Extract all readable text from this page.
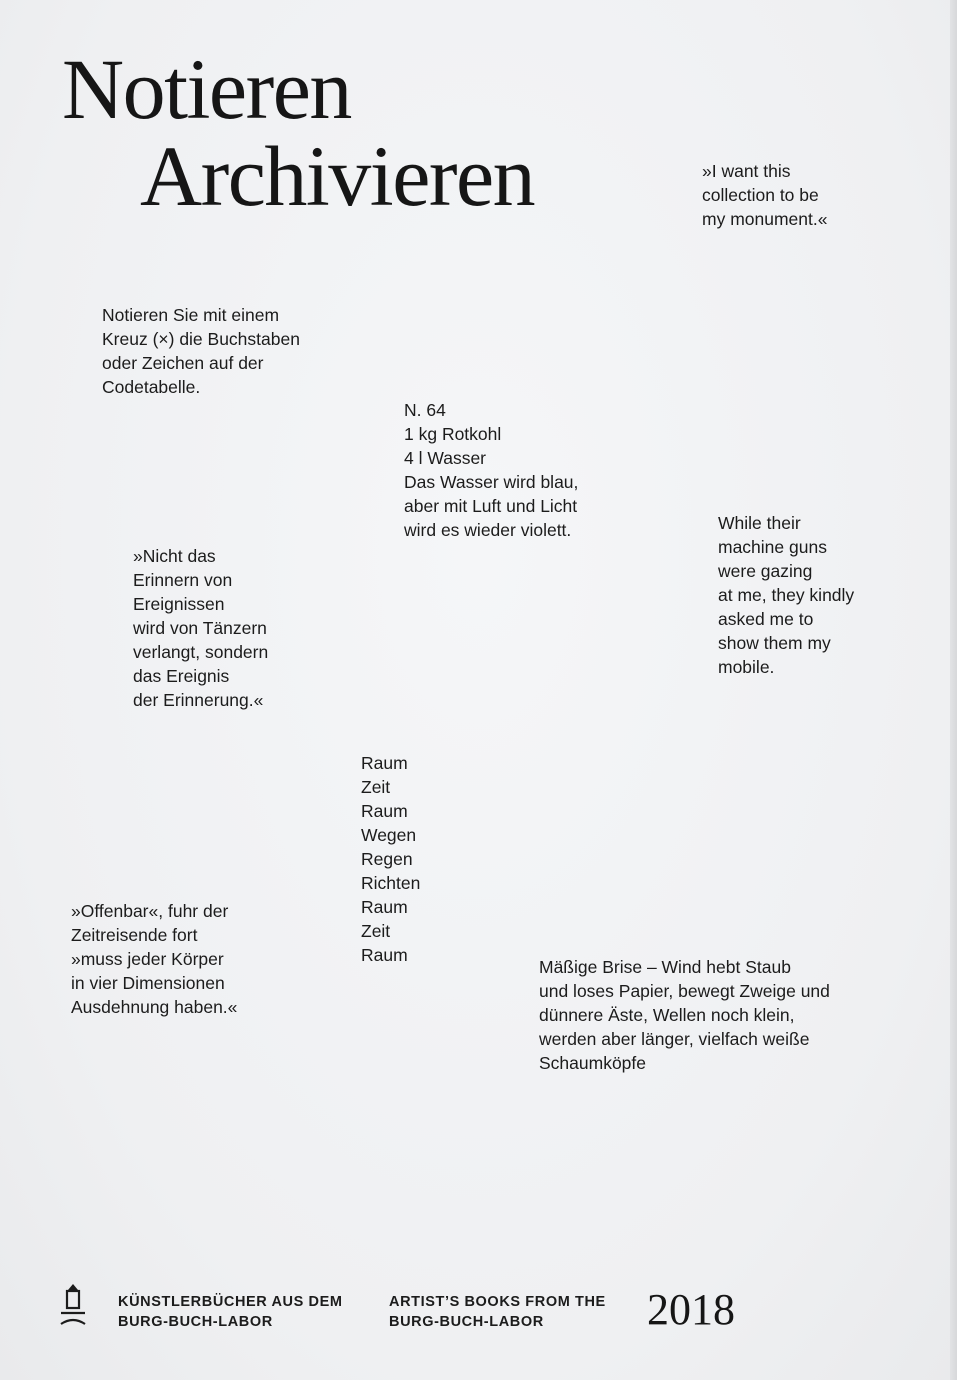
Notieren
Archivieren	»I want this
collection to be
my monument.«
Notieren Sie mit einem
Kreuz (×) die Buchstaben
oder Zeichen auf der
Codetabelle.
N. 64
1 kg Rotkohl
4 l Wasser
Das Wasser wird blau,
aber mit Luft und Licht
wird es wieder violett.	While their
machine guns
were gazing
at me, they kindly
asked me to
show them my
mobile.
»Nicht das
Erinnern von
Ereignissen
wird von Tänzern
verlangt, sondern
das Ereignis
der Erinnerung.«
Raum
Zeit
Raum
Wegen
Regen
Richten
Raum
Zeit
Raum
»Offenbar«, fuhr der
Zeitreisende fort
»muss jeder Körper
in vier Dimensionen
Ausdehnung haben.«
Mäßige Brise – Wind hebt Staub
und loses Papier, bewegt Zweige und
dünnere Äste, Wellen noch klein,
werden aber länger, vielfach weiße
Schaumköpfe
KÜNSTLERBÜCHER AUS DEM
BURG-BUCH-LABOR
ARTIST’S BOOKS FROM THE
BURG-BUCH-LABOR	2018
